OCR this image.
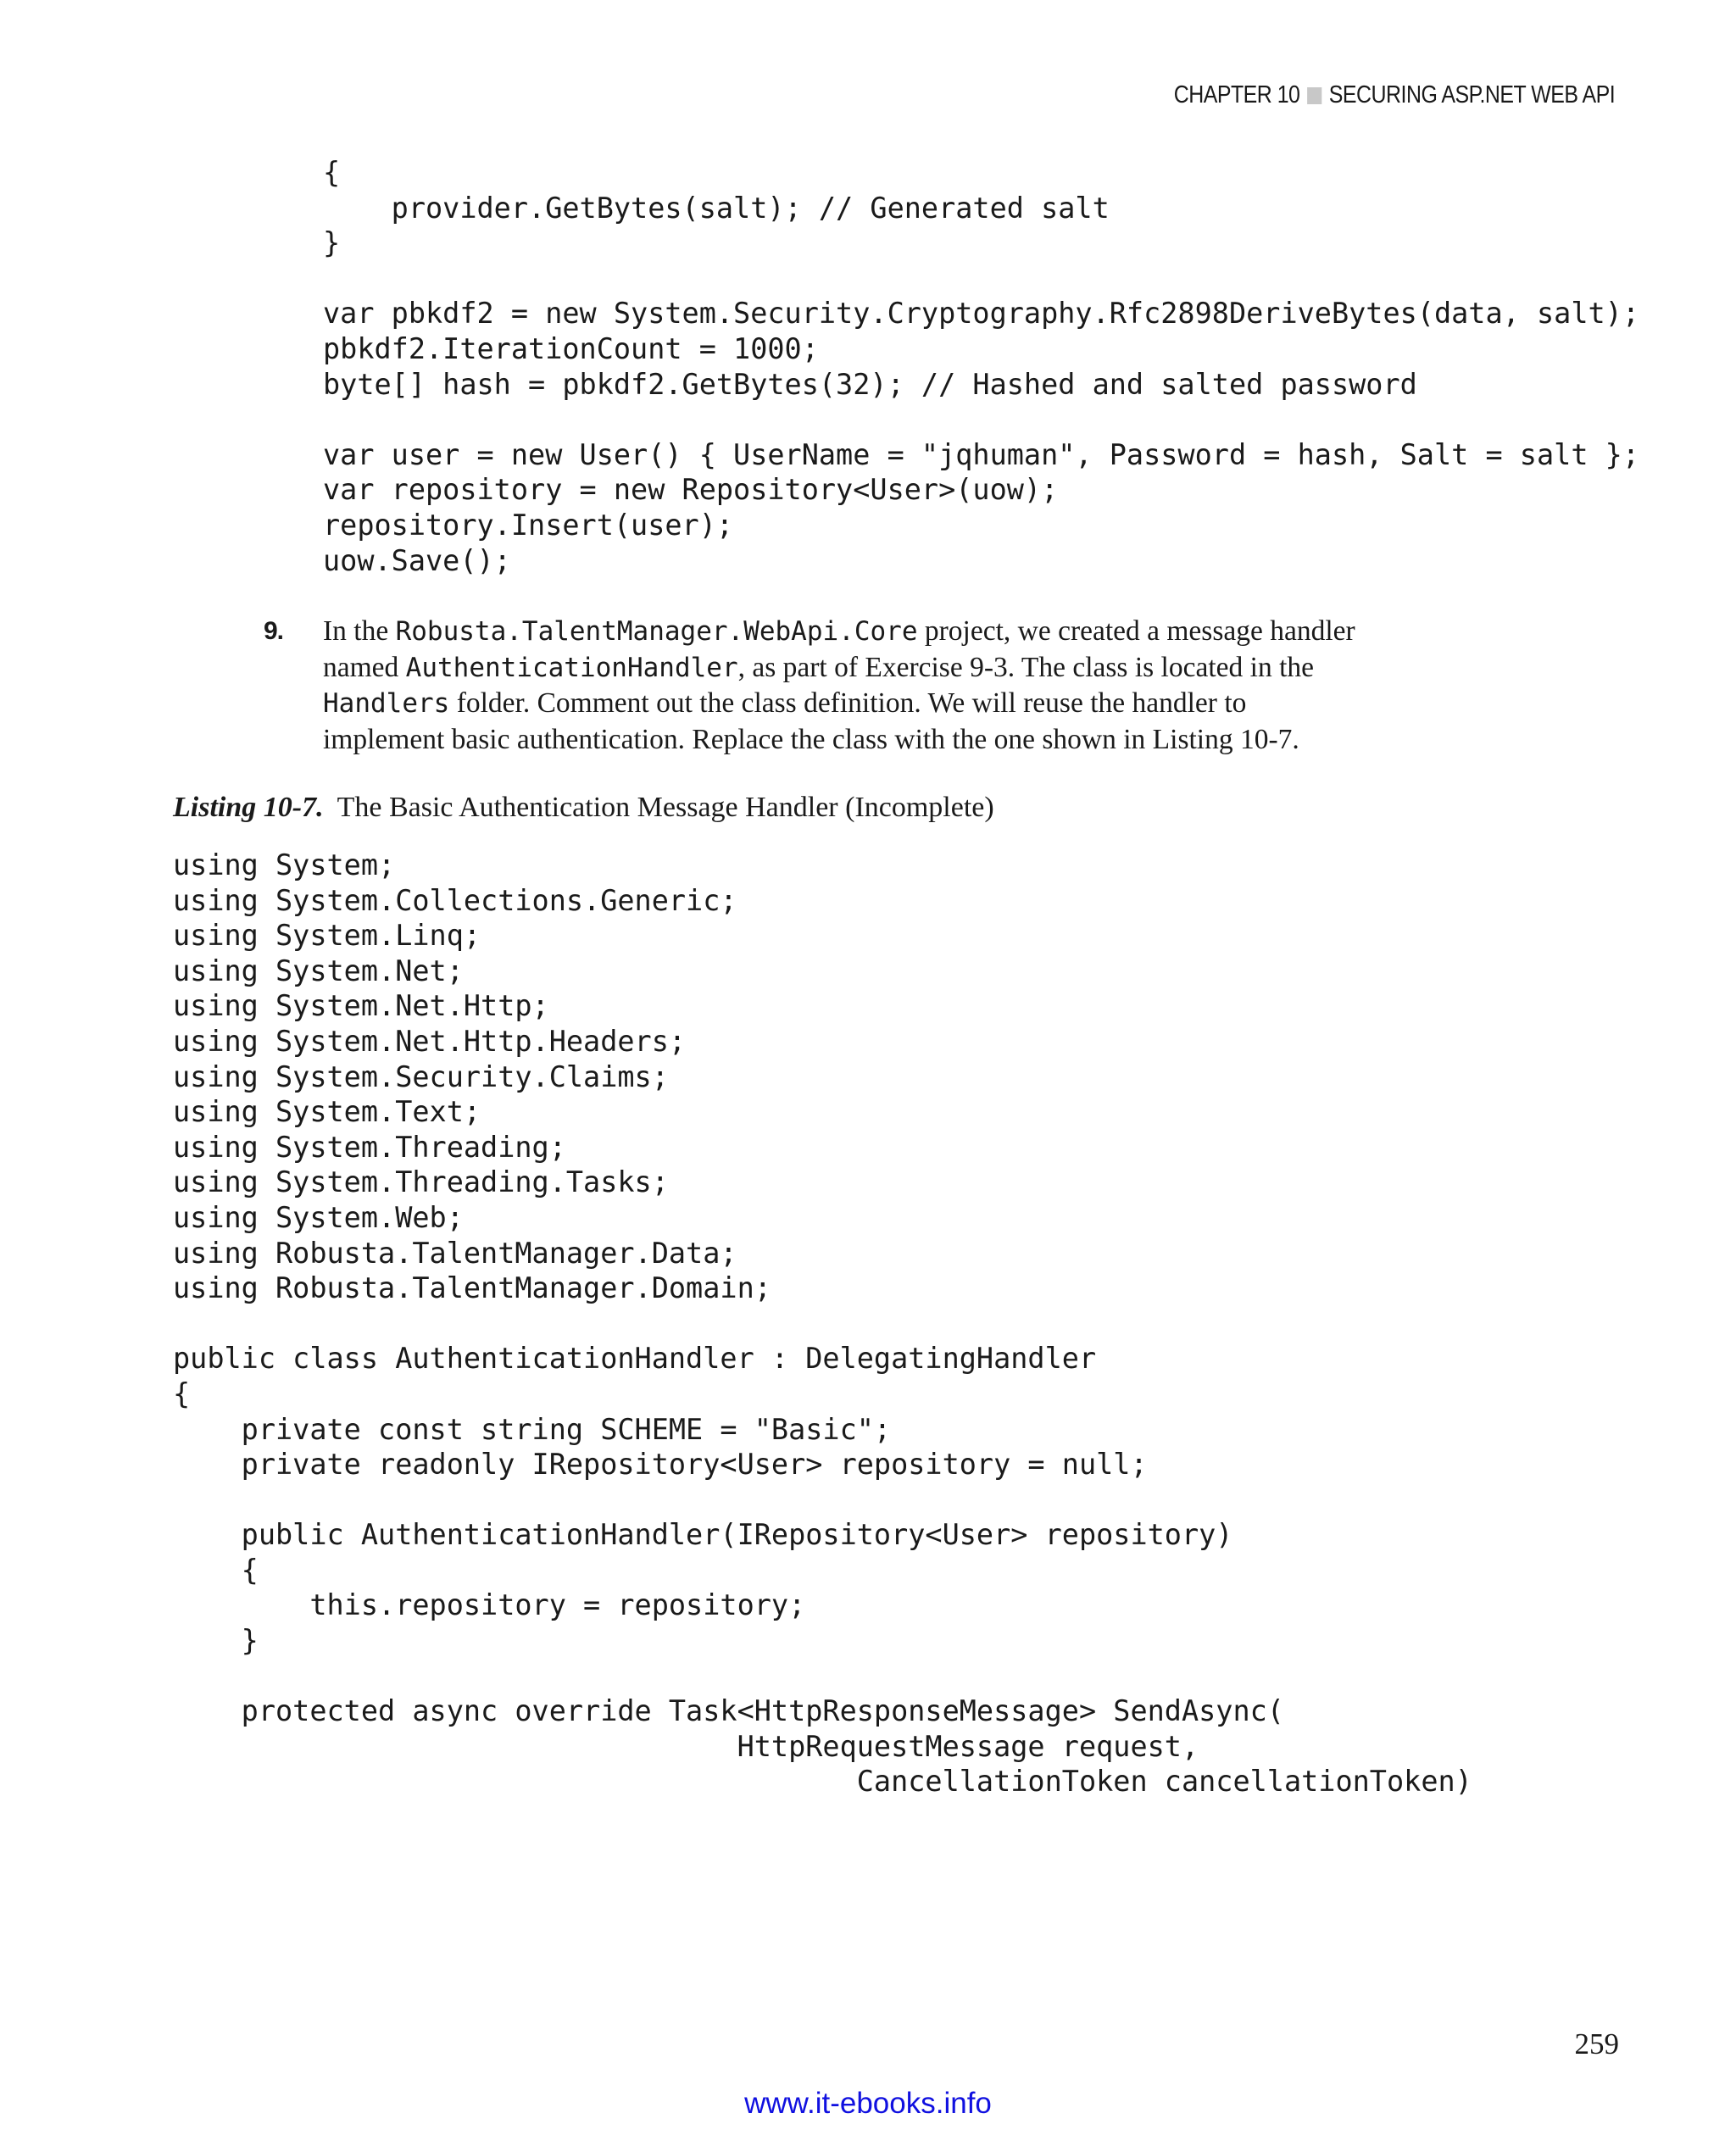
CHAPTER 10 SECURING ASP.NET WEB API
{
provider.GetBytes(salt); // Generated salt
}

var pbkdf2 = new System.Security.Cryptography.Rfc2898DeriveBytes(data, salt);
pbkdf2.IterationCount = 1000;
byte[] hash = pbkdf2.GetBytes(32); // Hashed and salted password

var user = new User() { UserName = "jqhuman", Password = hash, Salt = salt };
var repository = new Repository<User>(uow);
repository.Insert(user);
uow.Save();
9. In the Robusta.TalentManager.WebApi.Core project, we created a message handler
named AuthenticationHandler, as part of Exercise 9-3. The class is located in the
Handlers folder. Comment out the class definition. We will reuse the handler to
implement basic authentication. Replace the class with the one shown in Listing 10-7.
Listing 10-7. The Basic Authentication Message Handler (Incomplete)
using System;
using System.Collections.Generic;
using System.Linq;
using System.Net;
using System.Net.Http;
using System.Net.Http.Headers;
using System.Security.Claims;
using System.Text;
using System.Threading;
using System.Threading.Tasks;
using System.Web;
using Robusta.TalentManager.Data;
using Robusta.TalentManager.Domain;

public class AuthenticationHandler : DelegatingHandler
{
private const string SCHEME = "Basic";
private readonly IRepository<User> repository = null;

public AuthenticationHandler(IRepository<User> repository)
{
this.repository = repository;
}

protected async override Task<HttpResponseMessage> SendAsync(
HttpRequestMessage request,
CancellationToken cancellationToken)
259
www.it-ebooks.info
